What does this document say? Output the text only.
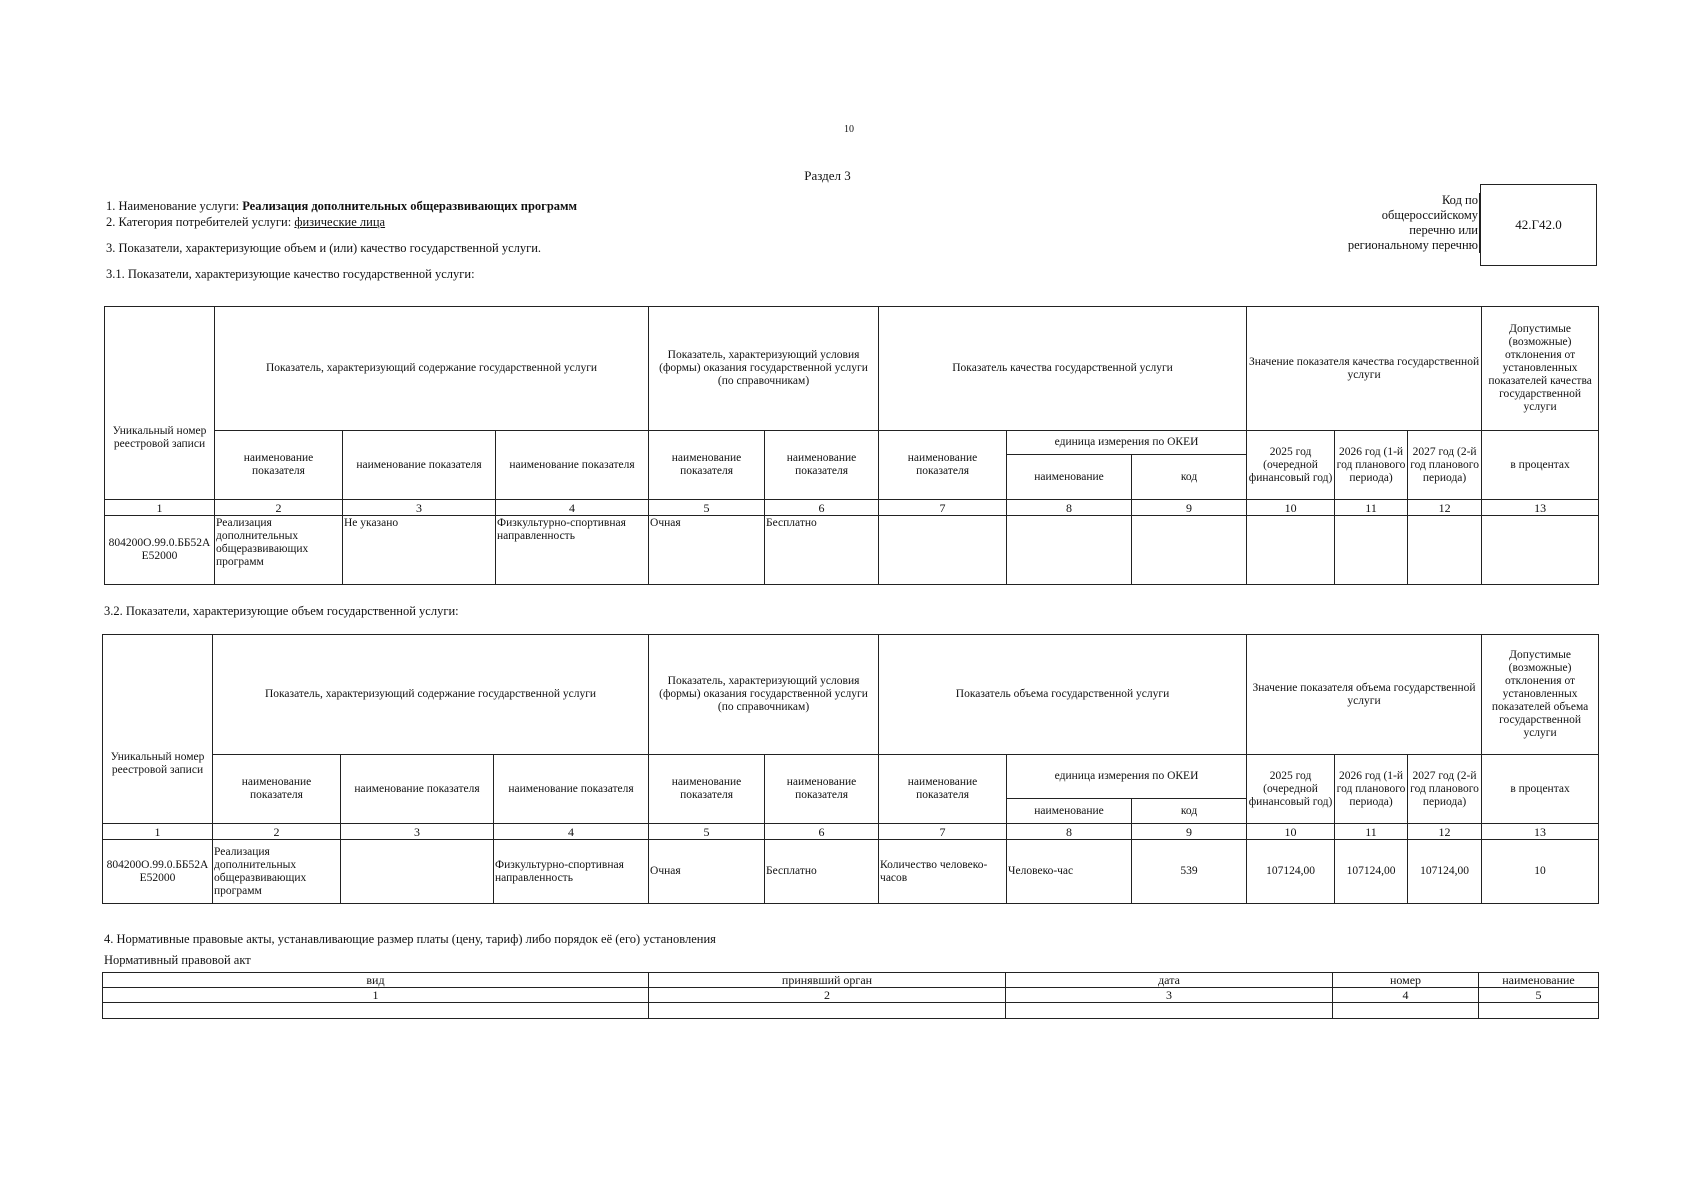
10
Раздел 3
1. Наименование услуги: Реализация дополнительных общеразвивающих программ
2. Категория потребителей услуги: физические лица
3. Показатели, характеризующие объем и (или) качество государственной услуги.
3.1. Показатели, характеризующие качество государственной услуги:
Код по
общероссийскому
перечню или
региональному перечню
42.Г42.0
Уникальный номер реестровой записи	Показатель, характеризующий содержание государственной услуги			Показатель, характеризующий условия (формы) оказания государственной услуги (по справочникам)		Показатель качества государственной услуги			Значение показателя качества государственной услуги			Допустимые (возможные) отклонения от установленных показателей качества государственной услуги
	наименование показателя	наименование показателя	наименование показателя	наименование показателя	наименование показателя	наименование показателя	единица измерения по ОКЕИ		2025 год (очередной финансовый год)	2026 год (1-й год планового периода)	2027 год (2-й год планового периода)	в процентах
							наименование	код				
1	2	3	4	5	6	7	8	9	10	11	12	13
804200О.99.0.ББ52АЕ52000	Реализация дополнительных общеразвивающих программ	Не указано	Физкультурно-спортивная направленность	Очная	Бесплатно							
3.2. Показатели, характеризующие объем государственной услуги:
Уникальный номер реестровой записи	Показатель, характеризующий содержание государственной услуги			Показатель, характеризующий условия (формы) оказания государственной услуги (по справочникам)		Показатель объема государственной услуги			Значение показателя объема государственной услуги			Допустимые (возможные) отклонения от установленных показателей объема государственной услуги
	наименование показателя	наименование показателя	наименование показателя	наименование показателя	наименование показателя	наименование показателя	единица измерения по ОКЕИ		2025 год (очередной финансовый год)	2026 год (1-й год планового периода)	2027 год (2-й год планового периода)	в процентах
							наименование	код				
1	2	3	4	5	6	7	8	9	10	11	12	13
804200О.99.0.ББ52АЕ52000	Реализация дополнительных общеразвивающих программ		Физкультурно-спортивная направленность	Очная	Бесплатно	Количество человеко-часов	Человеко-час	539	107124,00	107124,00	107124,00	10
4. Нормативные правовые акты, устанавливающие размер платы (цену, тариф) либо порядок её (его) установления
Нормативный правовой акт
вид	принявший орган	дата	номер	наименование
1	2	3	4	5
